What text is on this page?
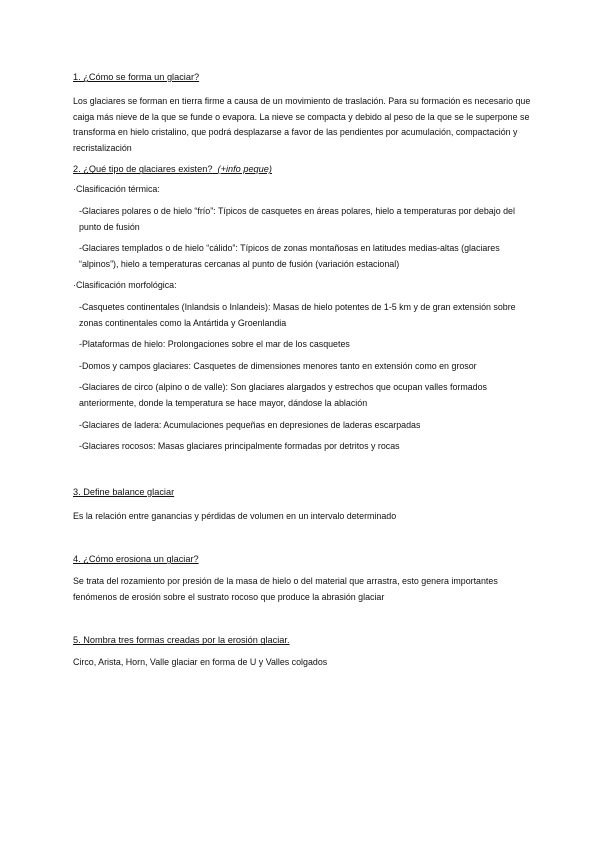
1. ¿Cómo se forma un glaciar?

Los glaciares se forman en tierra firme a causa de un movimiento de traslación. Para su formación es necesario que caiga más nieve de la que se funde o evapora. La nieve se compacta y debido al peso de la que se le superpone se transforma en hielo cristalino, que podrá desplazarse a favor de las pendientes por acumulación, compactación y recristalización

2. ¿Qué tipo de glaciares existen? (+info peque)

·Clasificación térmica:

-Glaciares polares o de hielo “frío”: Típicos de casquetes en áreas polares, hielo a temperaturas por debajo del punto de fusión

-Glaciares templados o de hielo “cálido”: Típicos de zonas montañosas en latitudes medias-altas (glaciares “alpinos”), hielo a temperaturas cercanas al punto de fusión (variación estacional)

·Clasificación morfológica:

-Casquetes continentales (Inlandsis o Inlandeis): Masas de hielo potentes de 1-5 km y de gran extensión sobre zonas continentales como la Antártida y Groenlandia

-Plataformas de hielo: Prolongaciones sobre el mar de los casquetes

-Domos y campos glaciares: Casquetes de dimensiones menores tanto en extensión como en grosor

-Glaciares de circo (alpino o de valle): Son glaciares alargados y estrechos que ocupan valles formados anteriormente, donde la temperatura se hace mayor, dándose la ablación

-Glaciares de ladera: Acumulaciones pequeñas en depresiones de laderas escarpadas

-Glaciares rocosos: Masas glaciares principalmente formadas por detritos y rocas

3. Define balance glaciar

Es la relación entre ganancias y pérdidas de volumen en un intervalo determinado

4. ¿Cómo erosiona un glaciar?

Se trata del rozamiento por presión de la masa de hielo o del material que arrastra, esto genera importantes fenómenos de erosión sobre el sustrato rocoso que produce la abrasión glaciar

5. Nombra tres formas creadas por la erosión glaciar.

Circo, Arista, Horn, Valle glaciar en forma de U y Valles colgados
